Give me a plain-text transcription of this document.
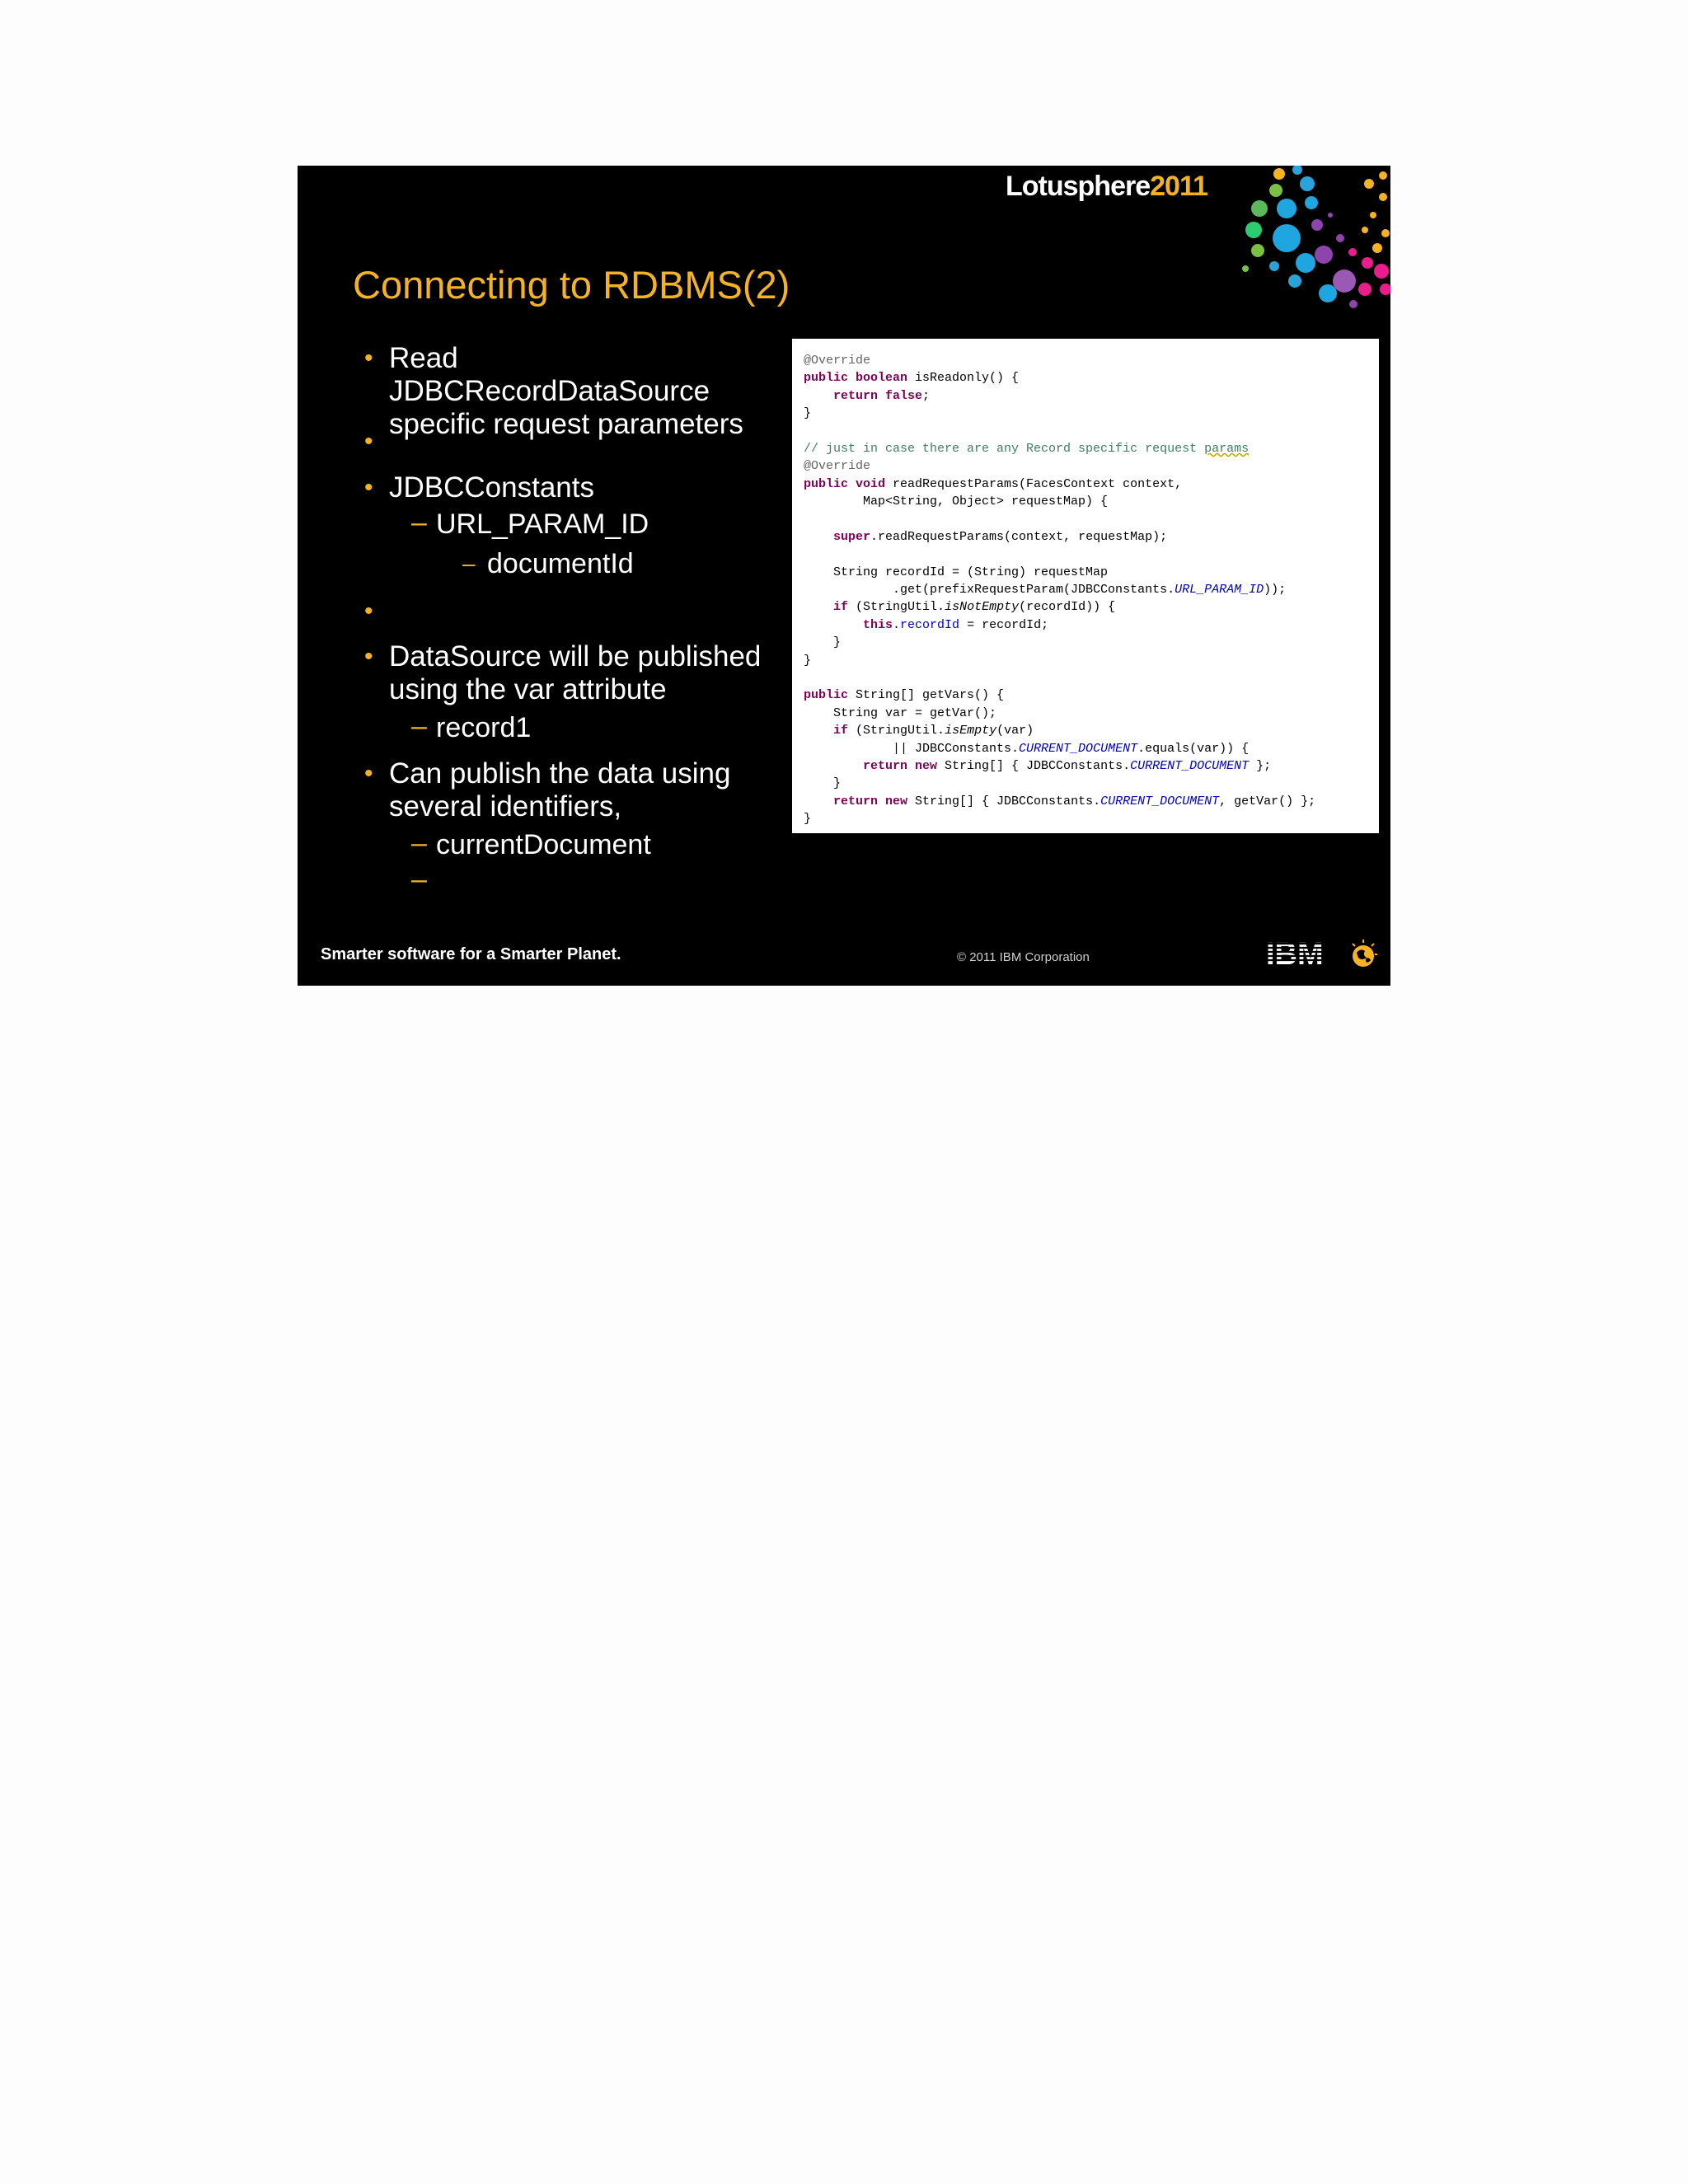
Lotusphere2011
Connecting to RDBMS(2)
• Read JDBCRecordDataSource specific request parameters
•
• JDBCConstants
– URL_PARAM_ID
– documentId
•
• DataSource will be published using the var attribute
– record1
• Can publish the data using several identifiers,
– currentDocument
–
@Override
public boolean isReadonly() {
return false;
}
// just in case there are any Record specific request params
@Override
public void readRequestParams(FacesContext context,
Map<String, Object> requestMap) {
super.readRequestParams(context, requestMap);
String recordId = (String) requestMap
.get(prefixRequestParam(JDBCConstants.URL_PARAM_ID));
if (StringUtil.isNotEmpty(recordId)) {
this.recordId = recordId;
}
}
public String[] getVars() {
String var = getVar();
if (StringUtil.isEmpty(var)
|| JDBCConstants.CURRENT_DOCUMENT.equals(var)) {
return new String[] { JDBCConstants.CURRENT_DOCUMENT };
}
return new String[] { JDBCConstants.CURRENT_DOCUMENT, getVar() };
}
Smarter software for a Smarter Planet.	© 2011 IBM Corporation	IBM
